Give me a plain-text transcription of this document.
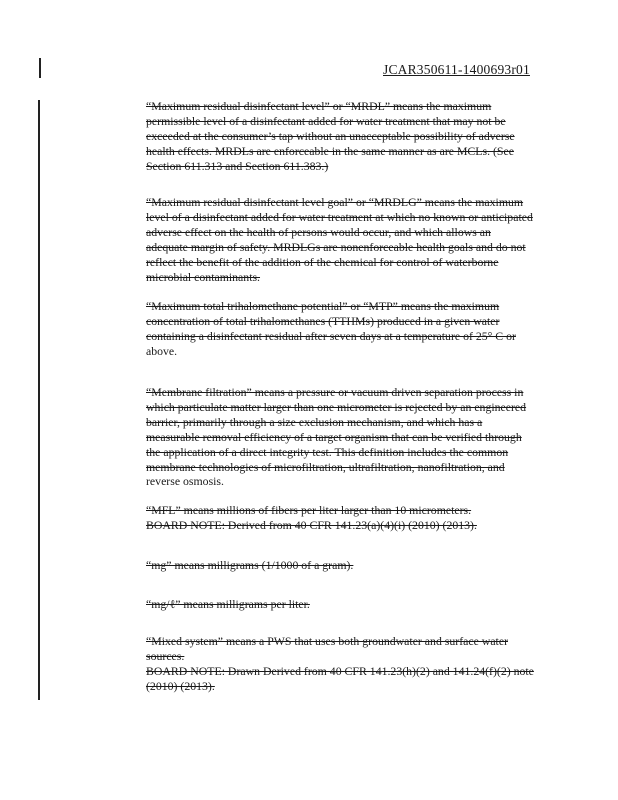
JCAR350611-1400693r01
“Maximum residual disinfectant level” or “MRDL” means the maximum
permissible level of a disinfectant added for water treatment that may not be
exceeded at the consumer’s tap without an unacceptable possibility of adverse
health effects. MRDLs are enforceable in the same manner as are MCLs. (See
Section 611.313 and Section 611.383.)
“Maximum residual disinfectant level goal” or “MRDLG” means the maximum
level of a disinfectant added for water treatment at which no known or anticipated
adverse effect on the health of persons would occur, and which allows an
adequate margin of safety. MRDLGs are nonenforceable health goals and do not
reflect the benefit of the addition of the chemical for control of waterborne
microbial contaminants.
“Maximum total trihalomethane potential” or “MTP” means the maximum
concentration of total trihalomethanes (TTHMs) produced in a given water
containing a disinfectant residual after seven days at a temperature of 25° C or
above.
“Membrane filtration” means a pressure or vacuum driven separation process in
which particulate matter larger than one micrometer is rejected by an engineered
barrier, primarily through a size exclusion mechanism, and which has a
measurable removal efficiency of a target organism that can be verified through
the application of a direct integrity test. This definition includes the common
membrane technologies of microfiltration, ultrafiltration, nanofiltration, and
reverse osmosis.
“MFL” means millions of fibers per liter larger than 10 micrometers.
BOARD NOTE: Derived from 40 CFR 141.23(a)(4)(i) (2010) (2013).
“mg” means milligrams (1/1000 of a gram).
“mg/ℓ” means milligrams per liter.
“Mixed system” means a PWS that uses both groundwater and surface water
sources.
BOARD NOTE: Drawn Derived from 40 CFR 141.23(h)(2) and 141.24(f)(2) note
(2010) (2013).
